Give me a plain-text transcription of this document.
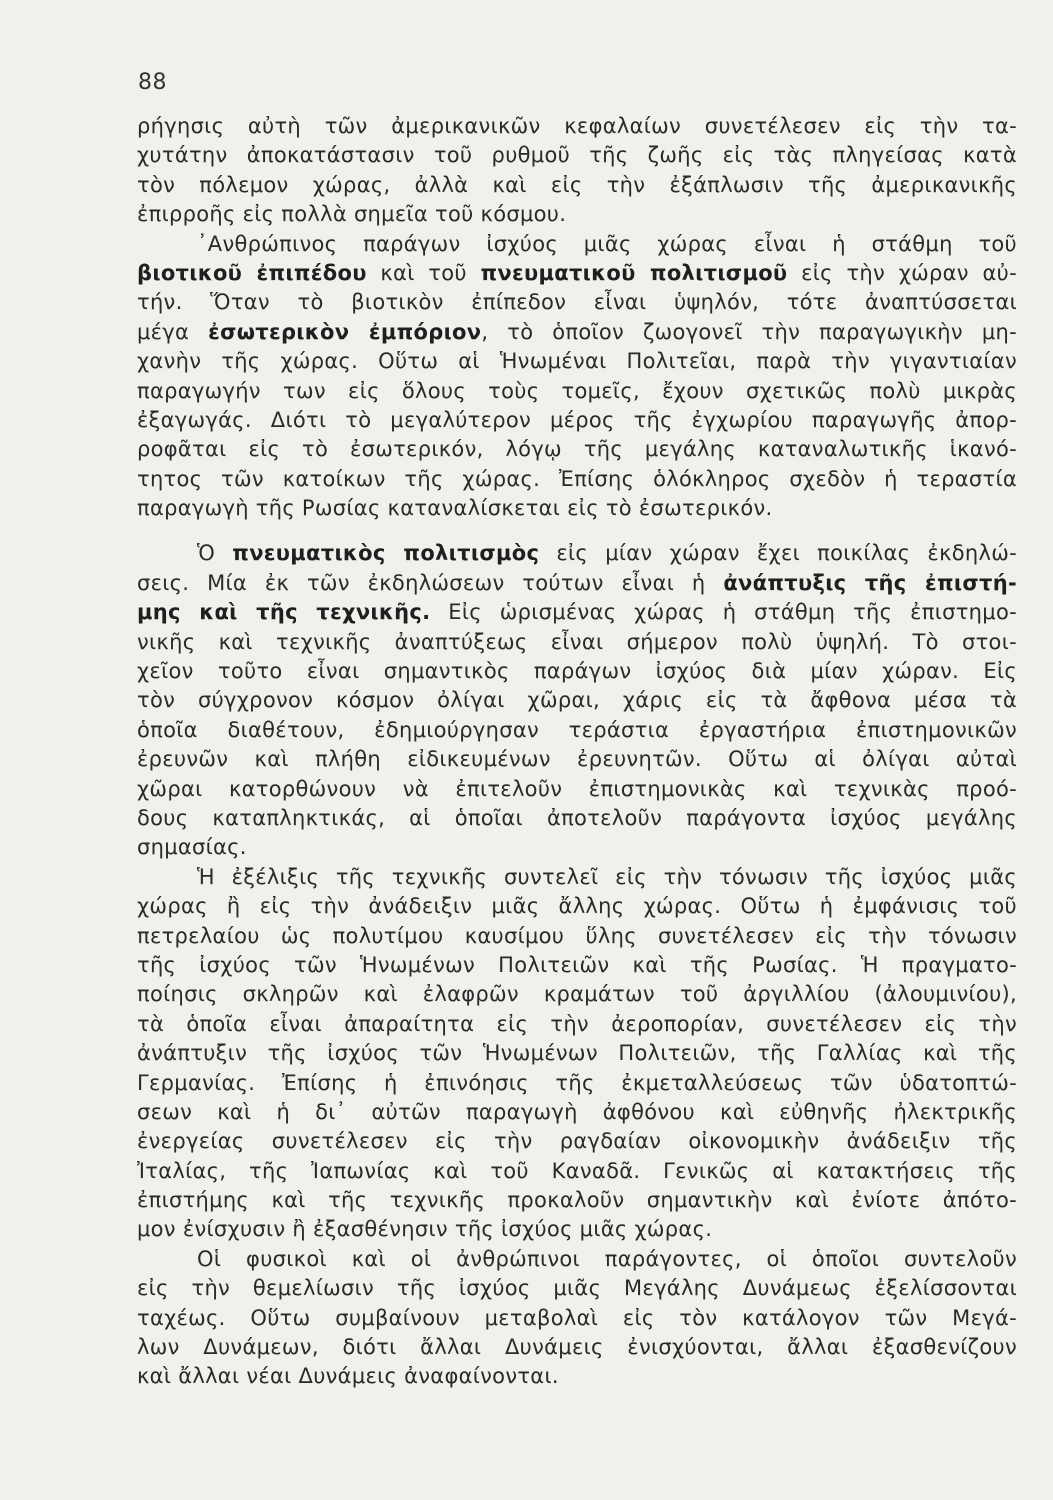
88
ρήγησις αὐτὴ τῶν ἀμερικανικῶν κεφαλαίων συνετέλεσεν εἰς τὴν τα-
χυτάτην ἀποκατάστασιν τοῦ ρυθμοῦ τῆς ζωῆς εἰς τὰς πληγείσας κατὰ
τὸν πόλεμον χώρας, ἀλλὰ καὶ εἰς τὴν ἐξάπλωσιν τῆς ἀμερικανικῆς
ἐπιρροῆς εἰς πολλὰ σημεῖα τοῦ κόσμου.
᾿Ανθρώπινος παράγων ἰσχύος μιᾶς χώρας εἶναι ἡ στάθμη τοῦ
βιοτικοῦ ἐπιπέδου καὶ τοῦ πνευματικοῦ πολιτισμοῦ εἰς τὴν χώραν αὐ-
τήν. Ὅταν τὸ βιοτικὸν ἐπίπεδον εἶναι ὑψηλόν, τότε ἀναπτύσσεται
μέγα ἐσωτερικὸν ἐμπόριον, τὸ ὁποῖον ζωογονεῖ τὴν παραγωγικὴν μη-
χανὴν τῆς χώρας. Οὕτω αἱ Ἡνωμέναι Πολιτεῖαι, παρὰ τὴν γιγαντιαίαν
παραγωγήν των εἰς ὅλους τοὺς τομεῖς, ἔχουν σχετικῶς πολὺ μικρὰς
ἐξαγωγάς. Διότι τὸ μεγαλύτερον μέρος τῆς ἐγχωρίου παραγωγῆς ἀπορ-
ροφᾶται εἰς τὸ ἐσωτερικόν, λόγῳ τῆς μεγάλης καταναλωτικῆς ἱκανό-
τητος τῶν κατοίκων τῆς χώρας. Ἐπίσης ὁλόκληρος σχεδὸν ἡ τεραστία
παραγωγὴ τῆς Ρωσίας καταναλίσκεται εἰς τὸ ἐσωτερικόν.
Ὁ πνευματικὸς πολιτισμὸς εἰς μίαν χώραν ἔχει ποικίλας ἐκδηλώ-
σεις. Μία ἐκ τῶν ἐκδηλώσεων τούτων εἶναι ἡ ἀνάπτυξις τῆς ἐπιστή-
μης καὶ τῆς τεχνικῆς. Εἰς ὡρισμένας χώρας ἡ στάθμη τῆς ἐπιστημο-
νικῆς καὶ τεχνικῆς ἀναπτύξεως εἶναι σήμερον πολὺ ὑψηλή. Τὸ στοι-
χεῖον τοῦτο εἶναι σημαντικὸς παράγων ἰσχύος διὰ μίαν χώραν. Εἰς
τὸν σύγχρονον κόσμον ὀλίγαι χῶραι, χάρις εἰς τὰ ἄφθονα μέσα τὰ
ὁποῖα διαθέτουν, ἐδημιούργησαν τεράστια ἐργαστήρια ἐπιστημονικῶν
ἐρευνῶν καὶ πλήθη εἰδικευμένων ἐρευνητῶν. Οὕτω αἱ ὀλίγαι αὐταὶ
χῶραι κατορθώνουν νὰ ἐπιτελοῦν ἐπιστημονικὰς καὶ τεχνικὰς προό-
δους καταπληκτικάς, αἱ ὁποῖαι ἀποτελοῦν παράγοντα ἰσχύος μεγάλης
σημασίας.
Ἡ ἐξέλιξις τῆς τεχνικῆς συντελεῖ εἰς τὴν τόνωσιν τῆς ἰσχύος μιᾶς
χώρας ἢ εἰς τὴν ἀνάδειξιν μιᾶς ἄλλης χώρας. Οὕτω ἡ ἐμφάνισις τοῦ
πετρελαίου ὡς πολυτίμου καυσίμου ὕλης συνετέλεσεν εἰς τὴν τόνωσιν
τῆς ἰσχύος τῶν Ἡνωμένων Πολιτειῶν καὶ τῆς Ρωσίας. Ἡ πραγματο-
ποίησις σκληρῶν καὶ ἐλαφρῶν κραμάτων τοῦ ἀργιλλίου (ἀλουμινίου),
τὰ ὁποῖα εἶναι ἀπαραίτητα εἰς τὴν ἀεροπορίαν, συνετέλεσεν εἰς τὴν
ἀνάπτυξιν τῆς ἰσχύος τῶν Ἡνωμένων Πολιτειῶν, τῆς Γαλλίας καὶ τῆς
Γερμανίας. Ἐπίσης ἡ ἐπινόησις τῆς ἐκμεταλλεύσεως τῶν ὑδατοπτώ-
σεων καὶ ἡ δι᾽ αὐτῶν παραγωγὴ ἀφθόνου καὶ εὐθηνῆς ἠλεκτρικῆς
ἐνεργείας συνετέλεσεν εἰς τὴν ραγδαίαν οἰκονομικὴν ἀνάδειξιν τῆς
Ἰταλίας, τῆς Ἰαπωνίας καὶ τοῦ Καναδᾶ. Γενικῶς αἱ κατακτήσεις τῆς
ἐπιστήμης καὶ τῆς τεχνικῆς προκαλοῦν σημαντικὴν καὶ ἐνίοτε ἀπότο-
μον ἐνίσχυσιν ἢ ἐξασθένησιν τῆς ἰσχύος μιᾶς χώρας.
Οἱ φυσικοὶ καὶ οἱ ἀνθρώπινοι παράγοντες, οἱ ὁποῖοι συντελοῦν
εἰς τὴν θεμελίωσιν τῆς ἰσχύος μιᾶς Μεγάλης Δυνάμεως ἐξελίσσονται
ταχέως. Οὕτω συμβαίνουν μεταβολαὶ εἰς τὸν κατάλογον τῶν Μεγά-
λων Δυνάμεων, διότι ἄλλαι Δυνάμεις ἐνισχύονται, ἄλλαι ἐξασθενίζουν
καὶ ἄλλαι νέαι Δυνάμεις ἀναφαίνονται.
